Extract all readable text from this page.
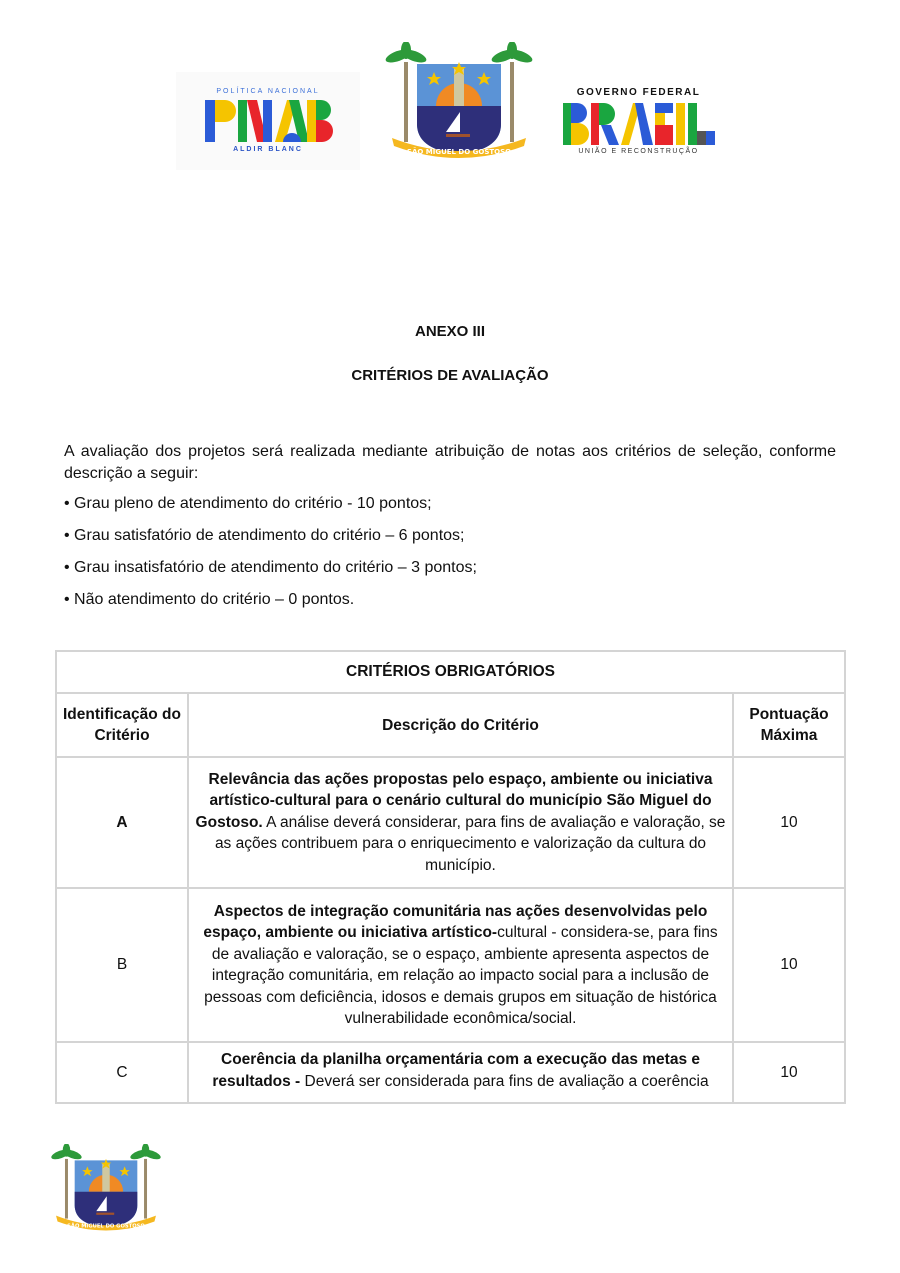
POLÍTICA NACIONAL
ALDIR BLANC	SÃO MIGUEL DO GOSTOSO
GOVERNO FEDERAL
UNIÃO E RECONSTRUÇÃO
ANEXO III
CRITÉRIOS DE AVALIAÇÃO
A avaliação dos projetos será realizada mediante atribuição de notas aos critérios de seleção, conforme descrição a seguir:
• Grau pleno de atendimento do critério - 10 pontos;
• Grau satisfatório de atendimento do critério – 6 pontos;
• Grau insatisfatório de atendimento do critério – 3 pontos;
• Não atendimento do critério – 0 pontos.
CRITÉRIOS OBRIGATÓRIOS		
Identificação do Critério	Descrição do Critério	Pontuação Máxima
A	Relevância das ações propostas pelo espaço, ambiente ou iniciativa artístico-cultural para o cenário cultural do município São Miguel do Gostoso. A análise deverá considerar, para fins de avaliação e valoração, se as ações contribuem para o enriquecimento e valorização da cultura do município.	10
B	Aspectos de integração comunitária nas ações desenvolvidas pelo espaço, ambiente ou iniciativa artístico-cultural - considera-se, para fins de avaliação e valoração, se o espaço, ambiente apresenta aspectos de integração comunitária, em relação ao impacto social para a inclusão de pessoas com deficiência, idosos e demais grupos em situação de histórica vulnerabilidade econômica/social.	10
C	Coerência da planilha orçamentária com a execução das metas e resultados - Deverá ser considerada para fins de avaliação a coerência	10
SÃO MIGUEL DO GOSTOSO
